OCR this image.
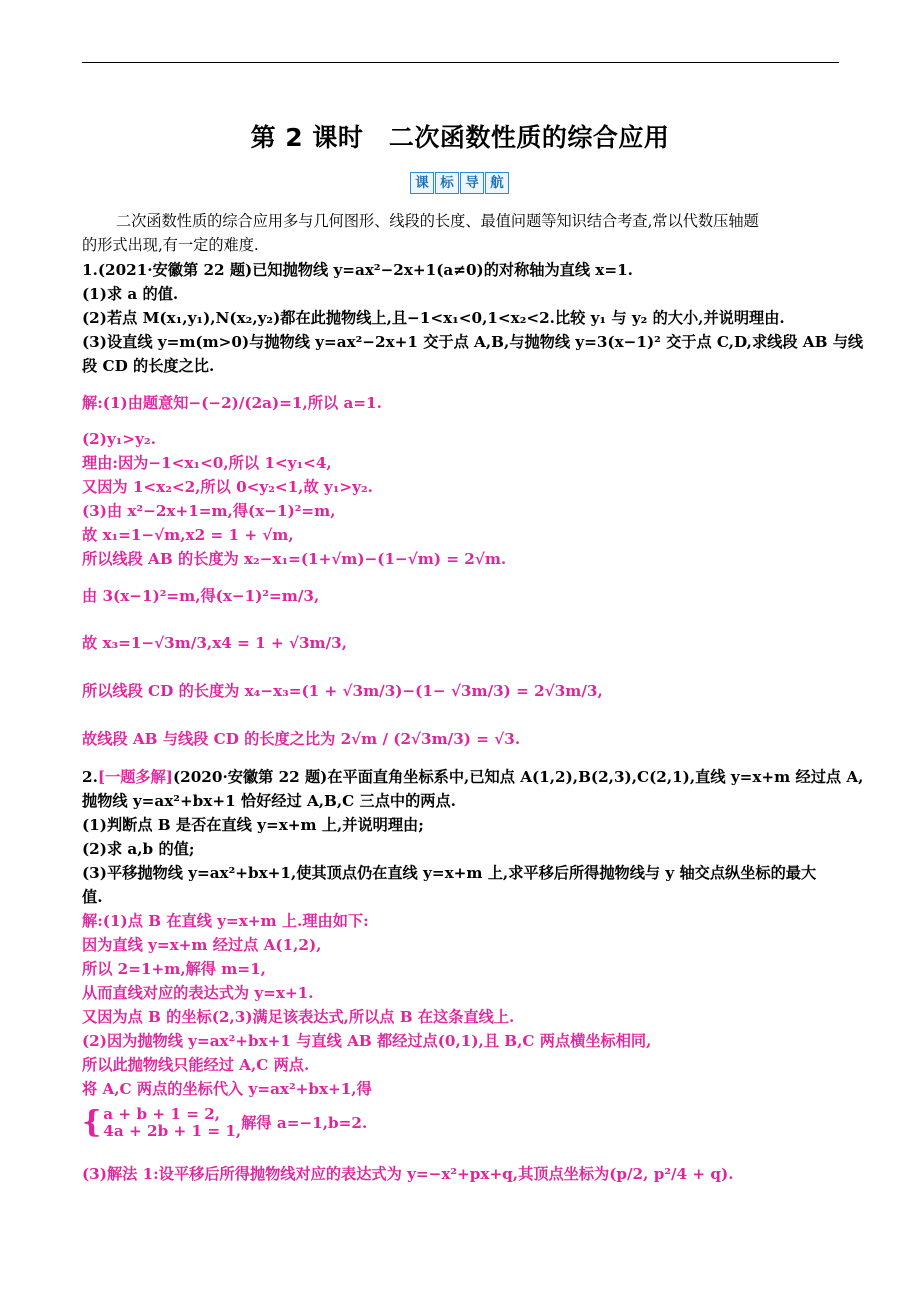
第 2 课时　二次函数性质的综合应用
课 标 导 航
二次函数性质的综合应用多与几何图形、线段的长度、最值问题等知识结合考查,常以代数压轴题
的形式出现,有一定的难度.
1.(2021·安徽第 22 题)已知抛物线 y=ax²−2x+1(a≠0)的对称轴为直线 x=1.
(1)求 a 的值.
(2)若点 M(x₁,y₁),N(x₂,y₂)都在此抛物线上,且−1<x₁<0,1<x₂<2.比较 y₁ 与 y₂ 的大小,并说明理由.
(3)设直线 y=m(m>0)与抛物线 y=ax²−2x+1 交于点 A,B,与抛物线 y=3(x−1)² 交于点 C,D,求线段 AB 与线
段 CD 的长度之比.
解:(1)由题意知−(−2)/(2a)=1,所以 a=1.
(2)y₁>y₂.
理由:因为−1<x₁<0,所以 1<y₁<4,
又因为 1<x₂<2,所以 0<y₂<1,故 y₁>y₂.
(3)由 x²−2x+1=m,得(x−1)²=m,
故 x₁=1−√m,x2 = 1 + √m,
所以线段 AB 的长度为 x₂−x₁=(1+√m)−(1−√m) = 2√m.
由 3(x−1)²=m,得(x−1)²=m/3,
故 x₃=1−√3m/3,x4 = 1 + √3m/3,
所以线段 CD 的长度为 x₄−x₃=(1 + √3m/3)−(1− √3m/3) = 2√3m/3,
故线段 AB 与线段 CD 的长度之比为 2√m / (2√3m/3) = √3.
2.[一题多解](2020·安徽第 22 题)在平面直角坐标系中,已知点 A(1,2),B(2,3),C(2,1),直线 y=x+m 经过点 A,
抛物线 y=ax²+bx+1 恰好经过 A,B,C 三点中的两点.
(1)判断点 B 是否在直线 y=x+m 上,并说明理由;
(2)求 a,b 的值;
(3)平移抛物线 y=ax²+bx+1,使其顶点仍在直线 y=x+m 上,求平移后所得抛物线与 y 轴交点纵坐标的最大
值.
解:(1)点 B 在直线 y=x+m 上.理由如下:
因为直线 y=x+m 经过点 A(1,2),
所以 2=1+m,解得 m=1,
从而直线对应的表达式为 y=x+1.
又因为点 B 的坐标(2,3)满足该表达式,所以点 B 在这条直线上.
(2)因为抛物线 y=ax²+bx+1 与直线 AB 都经过点(0,1),且 B,C 两点横坐标相同,
所以此抛物线只能经过 A,C 两点.
将 A,C 两点的坐标代入 y=ax²+bx+1,得
{ a + b + 1 = 2,
4a + 2b + 1 = 1, 解得 a=−1,b=2.
(3)解法 1:设平移后所得抛物线对应的表达式为 y=−x²+px+q,其顶点坐标为(p/2, p²/4 + q).
